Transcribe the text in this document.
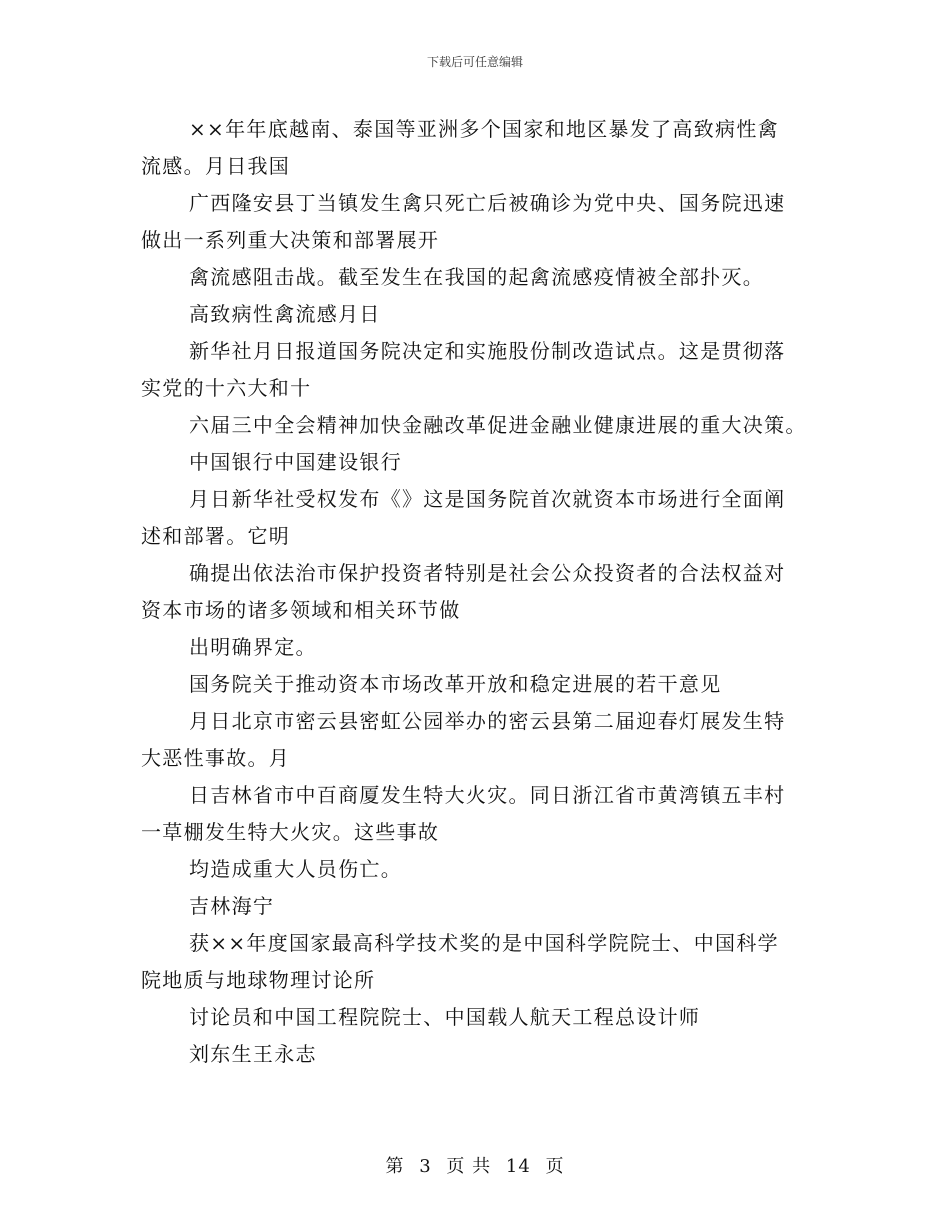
下载后可任意编辑

××年年底越南、泰国等亚洲多个国家和地区暴发了高致病性禽
流感。月日我国

广西隆安县丁当镇发生禽只死亡后被确诊为党中央、国务院迅速
做出一系列重大决策和部署展开

禽流感阻击战。截至发生在我国的起禽流感疫情被全部扑灭。

高致病性禽流感月日

新华社月日报道国务院决定和实施股份制改造试点。这是贯彻落
实党的十六大和十

六届三中全会精神加快金融改革促进金融业健康进展的重大决策。

中国银行中国建设银行

月日新华社受权发布《》这是国务院首次就资本市场进行全面阐
述和部署。它明

确提出依法治市保护投资者特别是社会公众投资者的合法权益对
资本市场的诸多领域和相关环节做

出明确界定。

国务院关于推动资本市场改革开放和稳定进展的若干意见

月日北京市密云县密虹公园举办的密云县第二届迎春灯展发生特
大恶性事故。月

日吉林省市中百商厦发生特大火灾。同日浙江省市黄湾镇五丰村
一草棚发生特大火灾。这些事故

均造成重大人员伤亡。

吉林海宁

获××年度国家最高科学技术奖的是中国科学院院士、中国科学
院地质与地球物理讨论所

讨论员和中国工程院院士、中国载人航天工程总设计师

刘东生王永志

第 3 页 共 14 页
